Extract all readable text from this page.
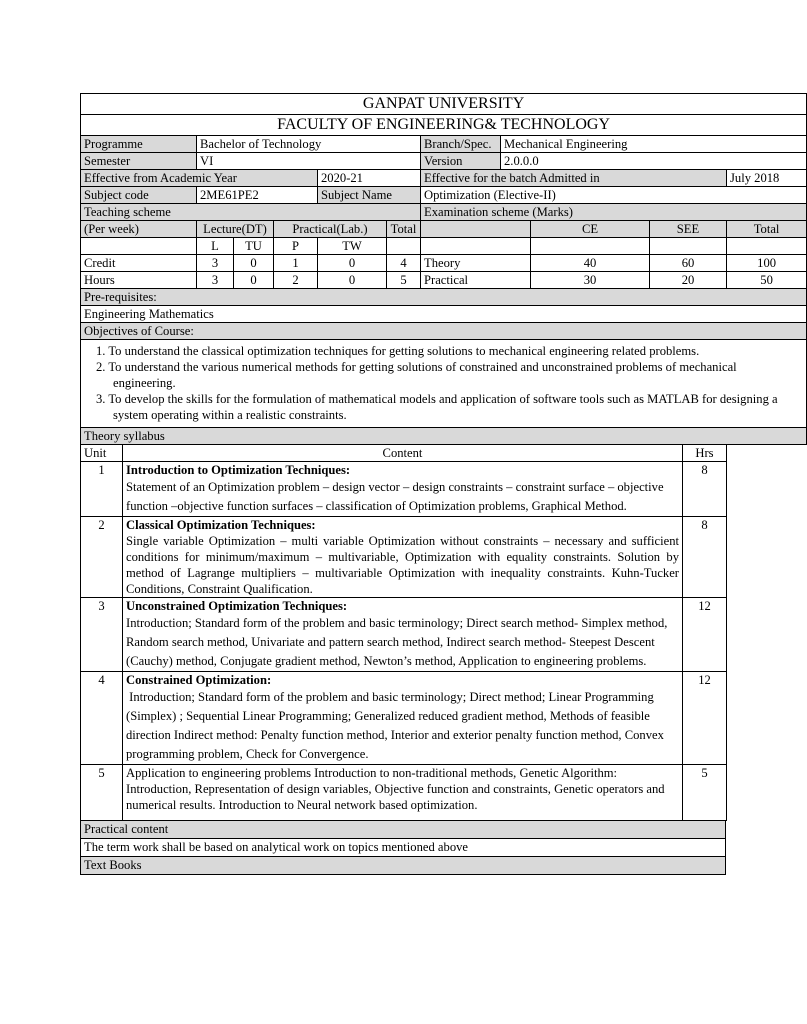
GANPAT UNIVERSITY										
FACULTY OF ENGINEERING& TECHNOLOGY										
Programme	Bachelor of Technology					Branch/Spec.	Mechanical Engineering			
Semester	VI					Version	2.0.0.0			
Effective from Academic Year				2020-21		Effective for the batch Admitted in				July 2018
Subject code	2ME61PE2			Subject Name		Optimization (Elective-II)				
Teaching scheme						Examination scheme (Marks)				
(Per week)	Lecture(DT)		Practical(Lab.)		Total			CE	SEE	Total
	L	TU	P	TW						
Credit	3	0	1	0	4	Theory		40	60	100
Hours	3	0	2	0	5	Practical		30	20	50
Pre-requisites:										
Engineering Mathematics										
Objectives of Course:										

1. To understand the classical optimization techniques for getting solutions to mechanical engineering related problems.
2. To understand the various numerical methods for getting solutions of constrained and unconstrained problems of mechanical engineering.
3. To develop the skills for the formulation of mathematical models and application of software tools such as MATLAB for designing a system operating within a realistic constraints.										

Theory syllabus										
Unit	Content	Hrs
1	Introduction to Optimization Techniques:
Statement of an Optimization problem – design vector – design constraints – constraint surface – objective function –objective function surfaces – classification of Optimization problems, Graphical Method.	8
2	Classical Optimization Techniques:
Single variable Optimization – multi variable Optimization without constraints – necessary and sufficient conditions for minimum/maximum – multivariable, Optimization with equality constraints. Solution by method of Lagrange multipliers – multivariable Optimization with inequality constraints. Kuhn-Tucker Conditions, Constraint Qualification.	8
3	Unconstrained Optimization Techniques:
Introduction; Standard form of the problem and basic terminology; Direct search method- Simplex method, Random search method, Univariate and pattern search method, Indirect search method- Steepest Descent (Cauchy) method, Conjugate gradient method, Newton’s method, Application to engineering problems.	12
4	Constrained Optimization:
Introduction; Standard form of the problem and basic terminology; Direct method; Linear Programming (Simplex) ; Sequential Linear Programming; Generalized reduced gradient method, Methods of feasible direction Indirect method: Penalty function method, Interior and exterior penalty function method, Convex programming problem, Check for Convergence.	12
5	Application to engineering problems Introduction to non-traditional methods, Genetic Algorithm: Introduction, Representation of design variables, Objective function and constraints, Genetic operators and numerical results. Introduction to Neural network based optimization.	5
Practical content
The term work shall be based on analytical work on topics mentioned above
Text Books
